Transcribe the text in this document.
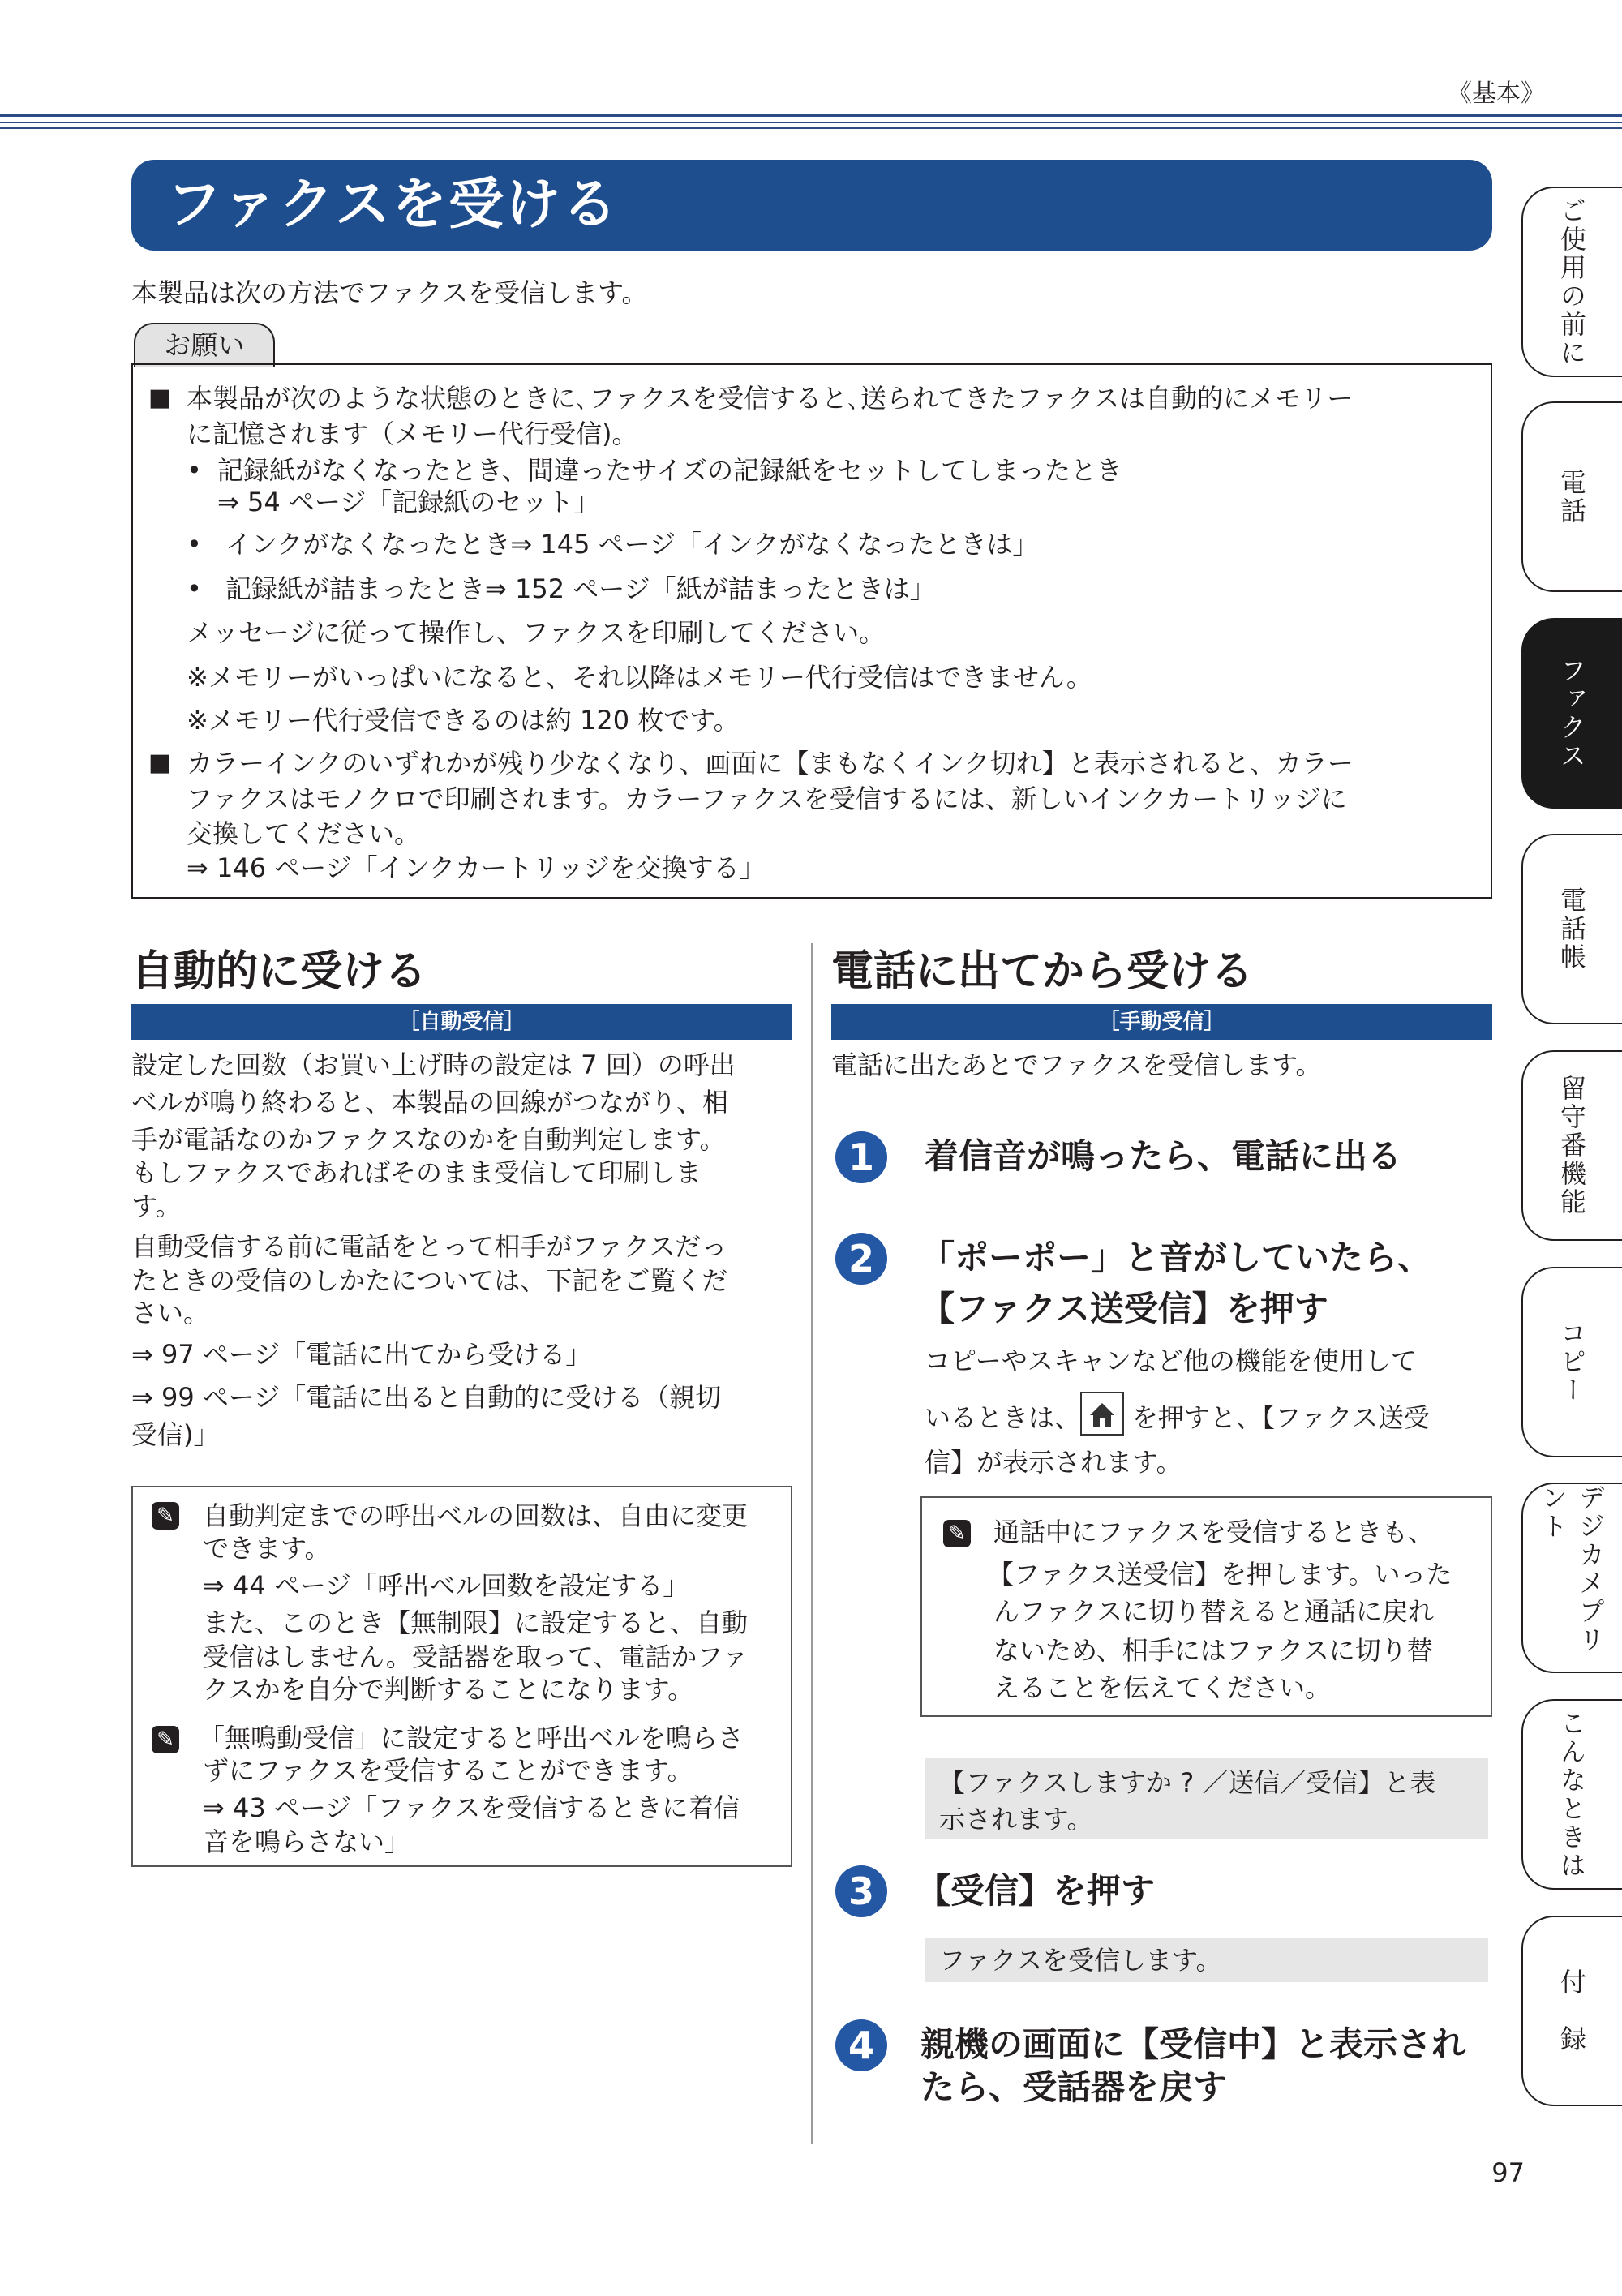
《基本》
ファクスを受ける
本製品は次の方法でファクスを受信します。
お願い
■ 本製品が次のような状態のときに､ファクスを受信すると､送られてきたファクスは自動的にメモリー
に記憶されます（メモリー代行受信)。
• 記録紙がなくなったとき、間違ったサイズの記録紙をセットしてしまったとき
⇒ 54 ページ「記録紙のセット」
• インクがなくなったとき⇒ 145 ページ「インクがなくなったときは」
• 記録紙が詰まったとき⇒ 152 ページ「紙が詰まったときは」
メッセージに従って操作し、ファクスを印刷してください。
※メモリーがいっぱいになると、それ以降はメモリー代行受信はできません。
※メモリー代行受信できるのは約 120 枚です。
■ カラーインクのいずれかが残り少なくなり、画面に【まもなくインク切れ】と表示されると、カラー
ファクスはモノクロで印刷されます。カラーファクスを受信するには、新しいインクカートリッジに
交換してください。
⇒ 146 ページ「インクカートリッジを交換する」
自動的に受ける
［自動受信］
設定した回数（お買い上げ時の設定は 7 回）の呼出
ベルが鳴り終わると、本製品の回線がつながり、相
手が電話なのかファクスなのかを自動判定します。
もしファクスであればそのまま受信して印刷しま
す。
自動受信する前に電話をとって相手がファクスだっ
たときの受信のしかたについては、下記をご覧くだ
さい。
⇒ 97 ページ「電話に出てから受ける」
⇒ 99 ページ「電話に出ると自動的に受ける（親切
受信)」
✎ 自動判定までの呼出ベルの回数は、自由に変更
できます。
⇒ 44 ページ「呼出ベル回数を設定する」
また、このとき【無制限】に設定すると、自動
受信はしません。受話器を取って、電話かファ
クスかを自分で判断することになります。
✎ 「無鳴動受信」に設定すると呼出ベルを鳴らさ
ずにファクスを受信することができます。
⇒ 43 ページ「ファクスを受信するときに着信
音を鳴らさない」
電話に出てから受ける
［手動受信］
電話に出たあとでファクスを受信します。
1	着信音が鳴ったら、電話に出る
2	「ポーポー」と音がしていたら、
【ファクス送受信】を押す
コピーやスキャンなど他の機能を使用して
いるときは、 を押すと、【ファクス送受
信】が表示されます。
✎ 通話中にファクスを受信するときも、
【ファクス送受信】を押します。いった
んファクスに切り替えると通話に戻れ
ないため、相手にはファクスに切り替
えることを伝えてください。
【ファクスしますか ? ／送信／受信】と表
示されます。
3	【受信】を押す
ファクスを受信します。
4	親機の画面に【受信中】と表示され
たら、受話器を戻す
ご使用の前に
電話
ファクス
電話帳
留守番機能
コピー
デジカメプリント
こんなときは
付　録
97
